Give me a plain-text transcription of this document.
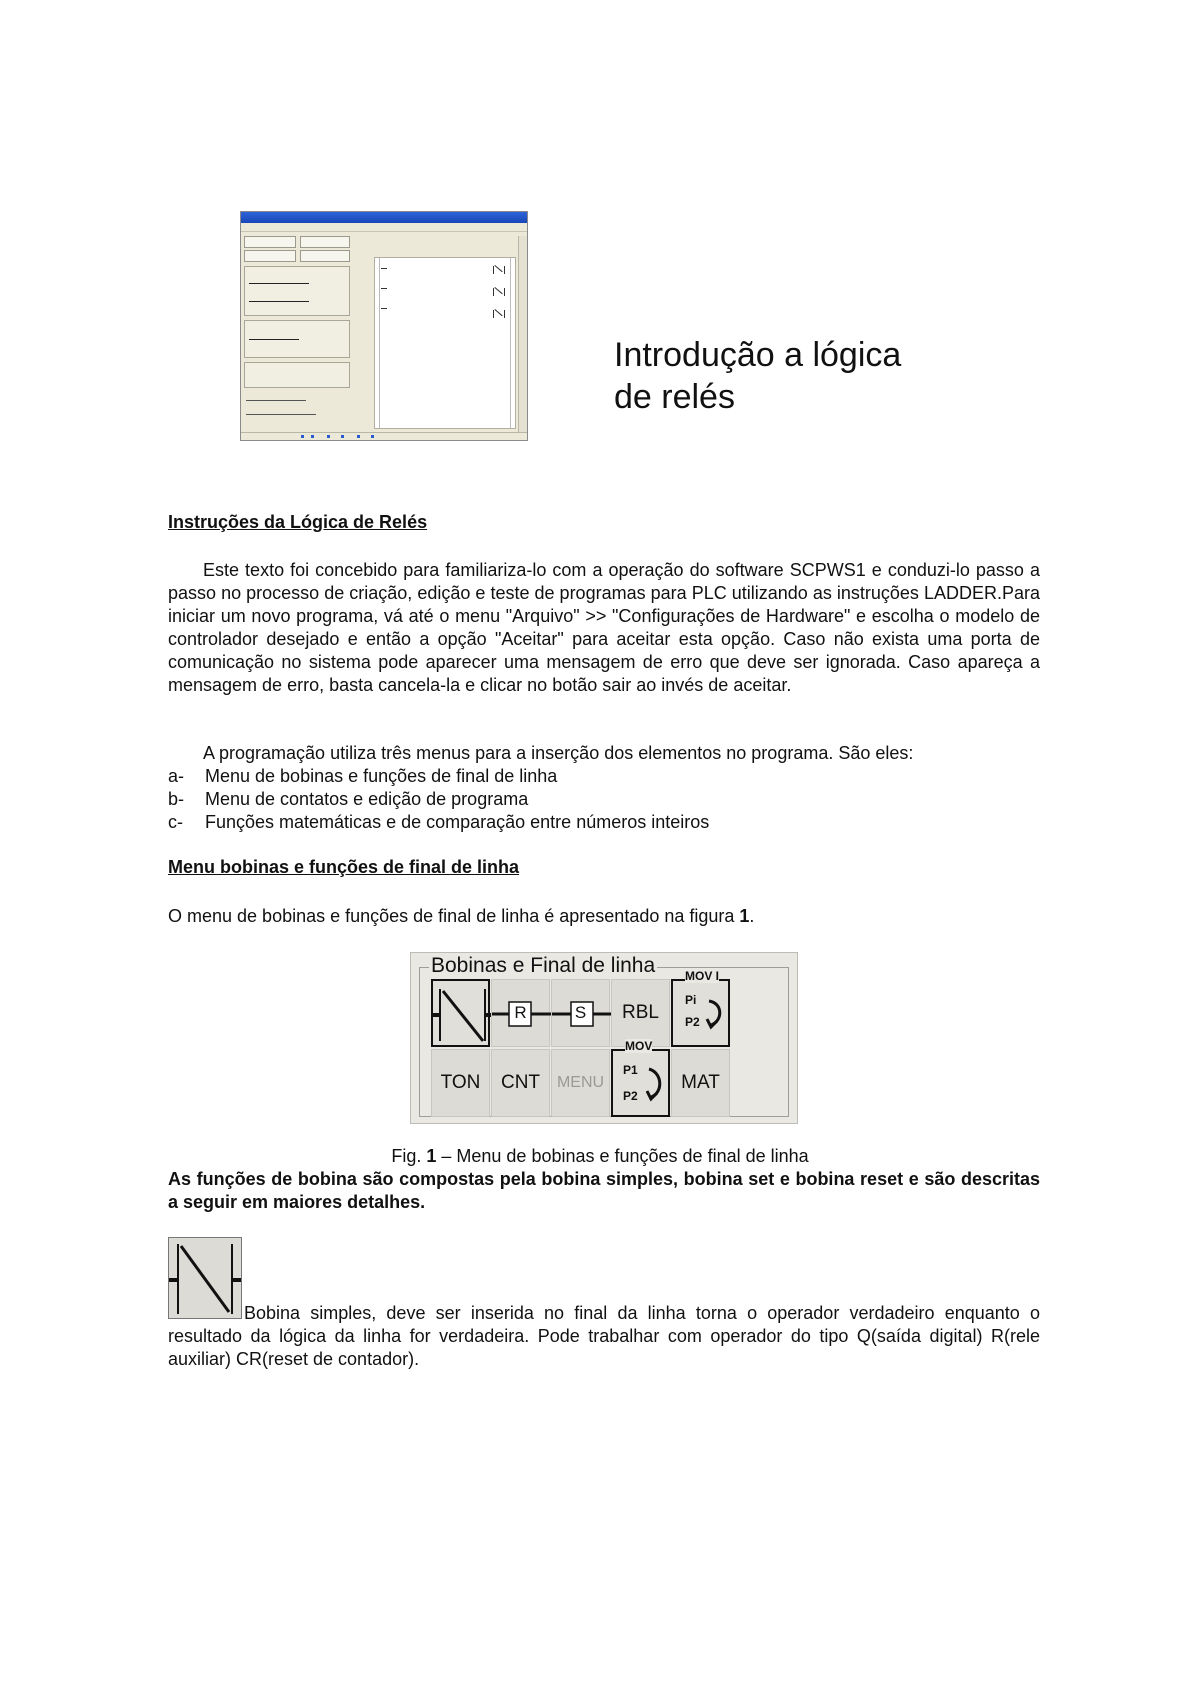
Introdução a lógica
de relés
Instruções da Lógica de Relés

Este texto foi concebido para familiariza-lo com a operação do software SCPWS1 e conduzi-lo passo a passo no processo de criação, edição e teste de programas para PLC utilizando as instruções LADDER.Para iniciar um novo programa, vá até o menu "Arquivo" >> "Configurações de Hardware" e escolha o modelo de controlador desejado e então a opção "Aceitar" para aceitar esta opção. Caso não exista uma porta de comunicação no sistema pode aparecer uma mensagem de erro que deve ser ignorada. Caso apareça a mensagem de erro, basta cancela-la e clicar no botão sair ao invés de aceitar.

A programação utiliza três menus para a inserção dos elementos no programa. São eles:

a- Menu de bobinas e funções de final de linha
b- Menu de contatos e edição de programa
c- Funções matemáticas e de comparação entre números inteiros
Menu bobinas e funções de final de linha

O menu de bobinas e funções de final de linha é apresentado na figura 1.

Bobinas e Final de linha
R	S RBL
MOV I
Pi
P2
TON CNT MENU
MOV
P1
P2
MAT

Fig. 1 – Menu de bobinas e funções de final de linha

As funções de bobina são compostas pela bobina simples, bobina set e bobina reset e são descritas a seguir em maiores detalhes.

Bobina simples, deve ser inserida no final da linha torna o operador verdadeiro enquanto o resultado da lógica da linha for verdadeira. Pode trabalhar com operador do tipo Q(saída digital) R(rele auxiliar) CR(reset de contador).
